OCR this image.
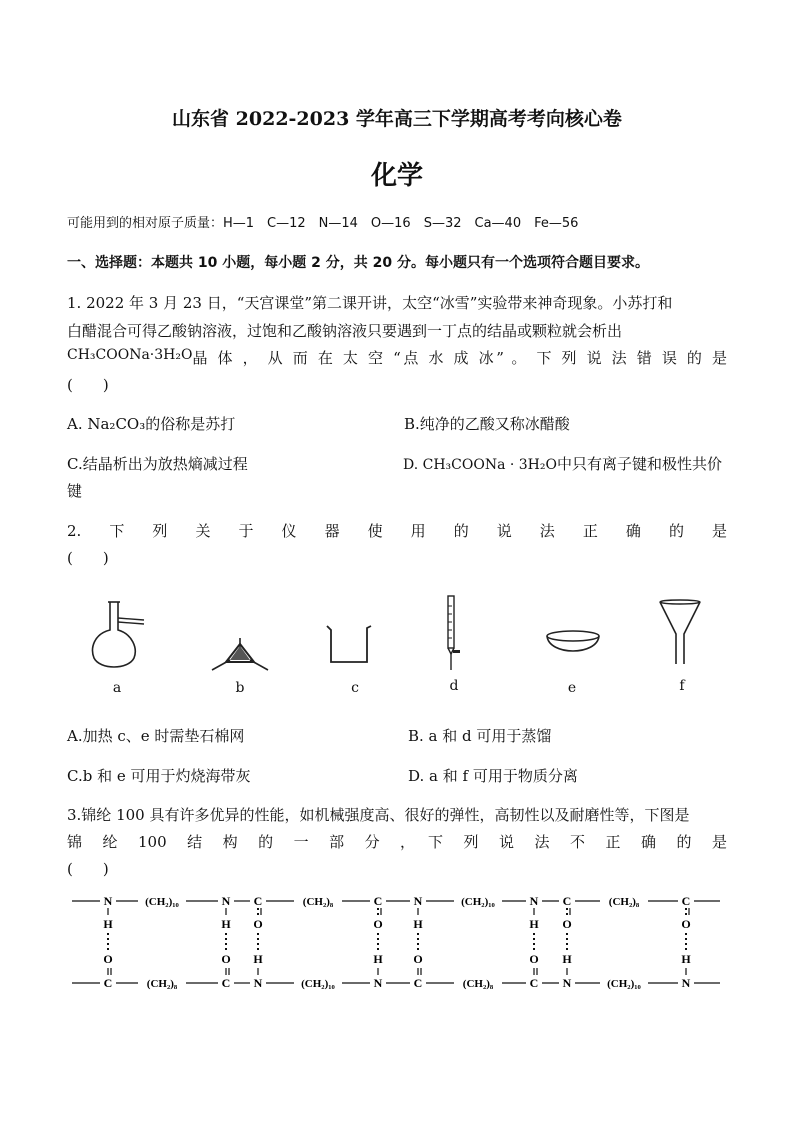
山东省 2022-2023 学年高三下学期高考考向核心卷
化学
可能用到的相对原子质量：H—1　C—12　N—14　O—16　S—32　Ca—40　Fe—56
一、选择题：本题共 10 小题，每小题 2 分，共 20 分。每小题只有一个选项符合题目要求。
1. 2022 年 3 月 23 日，“天宫课堂”第二课开讲，太空“冰雪”实验带来神奇现象。小苏打和
白醋混合可得乙酸钠溶液，过饱和乙酸钠溶液只要遇到一丁点的结晶或颗粒就会析出
CH₃COONa·3H₂O 晶 体 ， 从 而 在 太 空 “点 水 成 冰” 。 下 列 说 法 错 误 的 是
(　　)
A. Na₂CO₃的俗称是苏打	B.纯净的乙酸又称冰醋酸
C.结晶析出为放热熵减过程	D. CH₃COONa · 3H₂O中只有离子键和极性共价
键
2.　下　列　关　于　仪　器　使　用　的　说　法　正　确　的　是
(　　)
a	b	c	d	e	f
A.加热 c、e 时需垫石棉网	B. a 和 d 可用于蒸馏
C.b 和 e 可用于灼烧海带灰	D. a 和 f 可用于物质分离
3.锦纶 100 具有许多优异的性能，如机械强度高、很好的弹性，高韧性以及耐磨性等，下图是
锦　纶　100　结　构　的　一　部　分　，　下　列　说　法　不　正　确　的　是
(　　)
N	(CH₂)₁₀	N C	(CH₂)₈	C	N	(CH₂)₁₀	N C	(CH₂)₈	C
C	(CH₂)₈	C N	(CH₂)₁₀	N	C	(CH₂)₈	C N	(CH₂)₁₀	N
H
O
H
O
O
H
O
H
H
O
H
O
O
H
O
H
